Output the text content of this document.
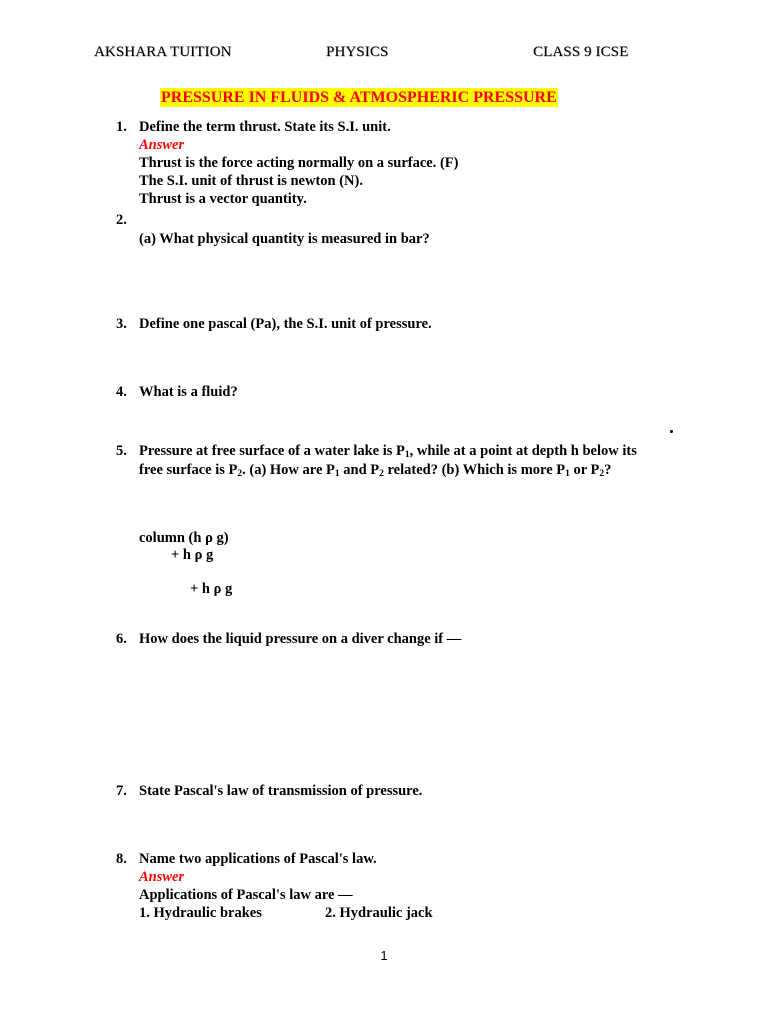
AKSHARA TUITION	PHYSICS	CLASS 9 ICSE
PRESSURE IN FLUIDS & ATMOSPHERIC PRESSURE
1. Define the term thrust. State its S.I. unit.
Answer
Thrust is the force acting normally on a surface. (F)
The S.I. unit of thrust is newton (N).
Thrust is a vector quantity.
2.
(a) What physical quantity is measured in bar?
3. Define one pascal (Pa), the S.I. unit of pressure.
4. What is a fluid?
5. Pressure at free surface of a water lake is $P_1$, while at a point at depth h below its
free surface is $P_2$. (a) How are $P_1$ and $P_2$ related? (b) Which is more $P_1$ or $P_2$?
column (h ρ g)
+ h ρ g
+ h ρ g
6. How does the liquid pressure on a diver change if —
7. State Pascal's law of transmission of pressure.
8. Name two applications of Pascal's law.
Answer
Applications of Pascal's law are —
1. Hydraulic brakes	2. Hydraulic jack
1
